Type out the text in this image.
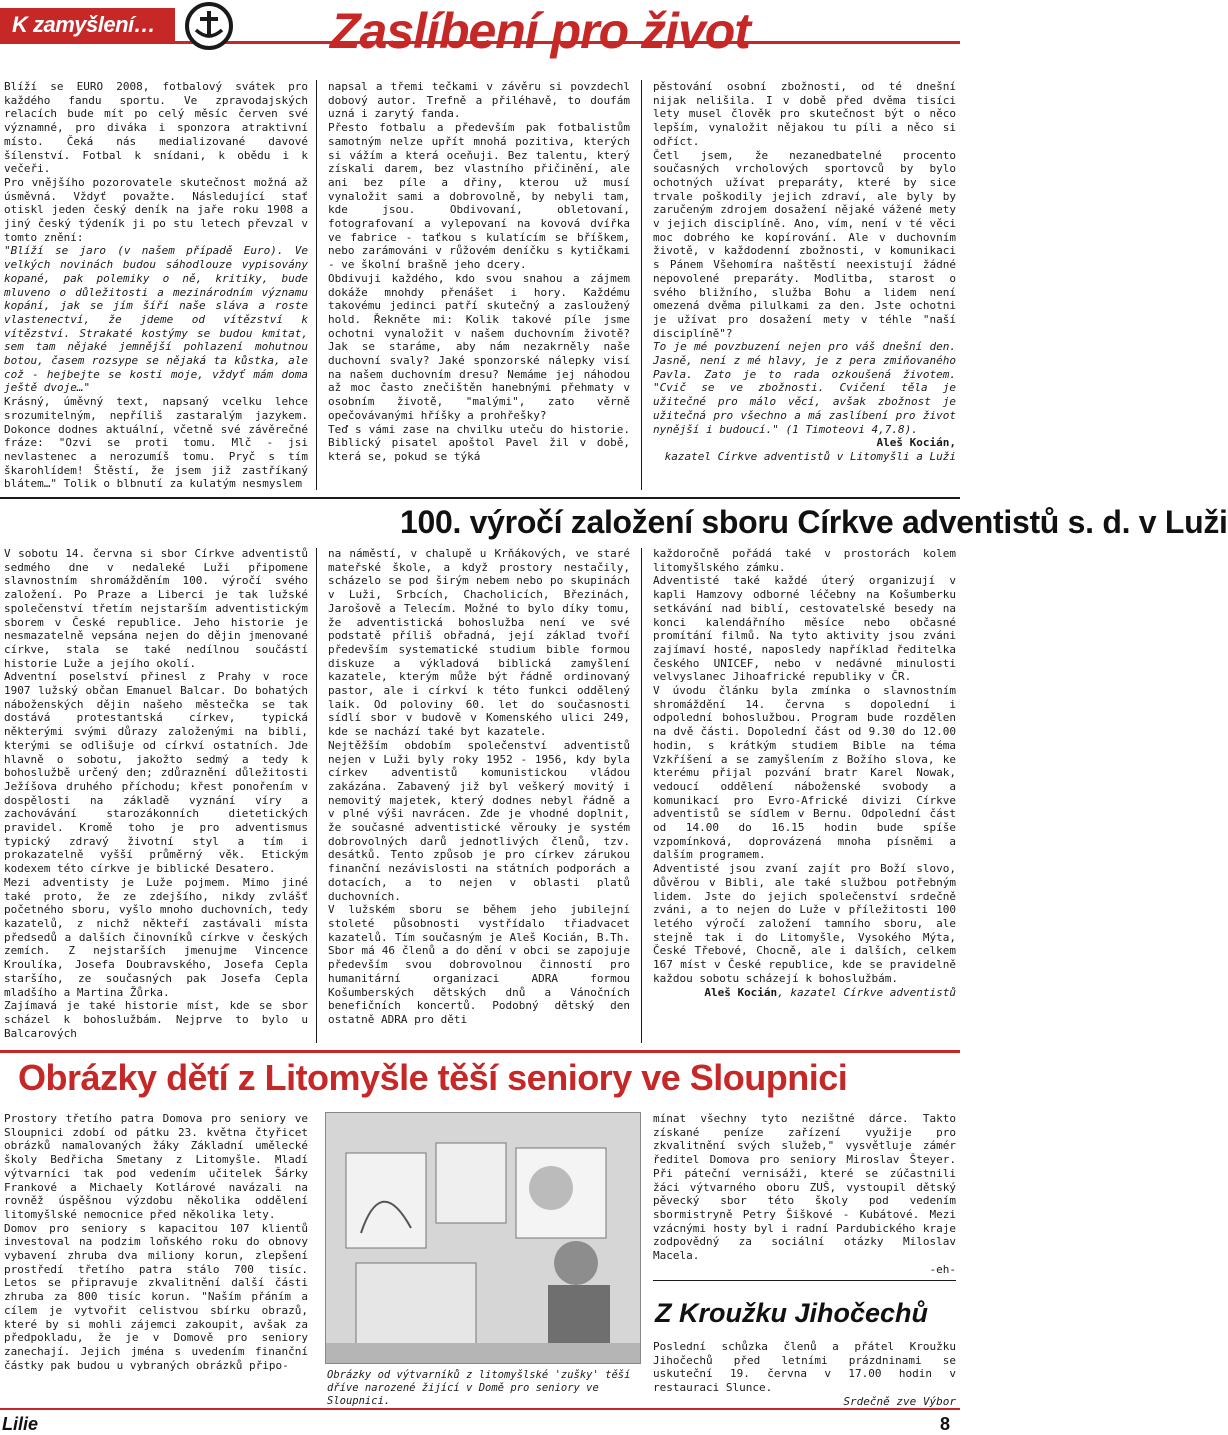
K zamyšlení…	Zaslíbení pro život

Blíží se EURO 2008, fotbalový svátek pro každého fandu sportu. Ve zpravodajských relacích bude mít po celý měsíc červen své významné, pro diváka i sponzora atraktivní místo. Čeká nás medializované davové šílenství. Fotbal k snídani, k obědu i k večeři.

Pro vnějšího pozorovatele skutečnost možná až úsměvná. Vždyť považte. Následující stať otiskl jeden český deník na jaře roku 1908 a jiný český týdeník ji po stu letech převzal v tomto znění:

"Blíží se jaro (v našem případě Euro). Ve velkých novinách budou sáhodlouze vypisovány kopané, pak polemiky o ně, kritiky, bude mluveno o důležitosti a mezinárodním významu kopání, jak se jím šíří naše sláva a roste vlastenectví, že jdeme od vítězství k vítězství. Strakaté kostýmy se budou kmitat, sem tam nějaké jemnější pohlazení mohutnou botou, časem rozsype se nějaká ta kůstka, ale což - hejbejte se kosti moje, vždyť mám doma ještě dvoje…"

Krásný, úměvný text, napsaný vcelku lehce srozumitelným, nepříliš zastaralým jazykem. Dokonce dodnes aktuální, včetně své závěrečné fráze: "Ozvi se proti tomu. Mlč - jsi nevlastenec a nerozumíš tomu. Pryč s tím škarohlídem! Štěstí, že jsem již zastříkaný blátem…" Tolik o blbnutí za kulatým nesmyslem

napsal a třemi tečkami v závěru si povzdechl dobový autor. Trefně a přiléhavě, to doufám uzná i zarytý fanda.

Přesto fotbalu a především pak fotbalistům samotným nelze upřít mnohá pozitiva, kterých si vážím a která oceňuji. Bez talentu, který získali darem, bez vlastního přičinění, ale ani bez píle a dřiny, kterou už musí vynaložit sami a dobrovolně, by nebyli tam, kde jsou. Obdivovaní, obletovaní, fotografovaní a vylepovaní na kovová dvířka ve fabrice - taťkou s kulatícím se bříškem, nebo zarámováni v růžovém deníčku s kytičkami - ve školní brašně jeho dcery.

Obdivuji každého, kdo svou snahou a zájmem dokáže mnohdy přenášet i hory. Každému takovému jedinci patří skutečný a zasloužený hold. Řekněte mi: Kolik takové píle jsme ochotni vynaložit v našem duchovním životě? Jak se staráme, aby nám nezakrněly naše duchovní svaly? Jaké sponzorské nálepky visí na našem duchovním dresu? Nemáme jej náhodou až moc často znečištěn hanebnými přehmaty v osobním životě, "malými", zato věrně opečovávanými hříšky a prohřešky?

Teď s vámi zase na chvilku uteču do historie. Biblický pisatel apoštol Pavel žil v době, která se, pokud se týká

pěstování osobní zbožnosti, od té dnešní nijak nelišila. I v době před dvěma tisíci lety musel člověk pro skutečnost být o něco lepším, vynaložit nějakou tu píli a něco si odříct.

Četl jsem, že nezanedbatelné procento současných vrcholových sportovců by bylo ochotných užívat preparáty, které by sice trvale poškodily jejich zdraví, ale byly by zaručeným zdrojem dosažení nějaké vážené mety v jejich disciplíně. Ano, vím, není v té věci moc dobrého ke kopírování. Ale v duchovním životě, v každodenní zbožnosti, v komunikaci s Pánem Všehomíra naštěstí neexistují žádné nepovolené preparáty. Modlitba, starost o svého bližního, služba Bohu a lidem není omezená dvěma pilulkami za den. Jste ochotni je užívat pro dosažení mety v téhle "naší disciplíně"?

To je mé povzbuzení nejen pro váš dnešní den. Jasně, není z mé hlavy, je z pera zmiňovaného Pavla. Zato je to rada ozkoušená životem. "Cvič se ve zbožnosti. Cvičení těla je užitečné pro málo věcí, avšak zbožnost je užitečná pro všechno a má zaslíbení pro život nynější i budoucí." (1 Timoteovi 4,7.8).

Aleš Kocián,

kazatel Církve adventistů v Litomyšli a Luži

100. výročí založení sboru Církve adventistů s. d. v Luži

V sobotu 14. června si sbor Církve adventistů sedmého dne v nedaleké Luži připomene slavnostním shromážděním 100. výročí svého založení. Po Praze a Liberci je tak lužské společenství třetím nejstarším adventistickým sborem v České republice. Jeho historie je nesmazatelně vepsána nejen do dějin jmenované církve, stala se také nedílnou součástí historie Luže a jejího okolí.

Adventní poselství přinesl z Prahy v roce 1907 lužský občan Emanuel Balcar. Do bohatých náboženských dějin našeho městečka se tak dostává protestantská církev, typická některými svými důrazy založenými na bibli, kterými se odlišuje od církví ostatních. Jde hlavně o sobotu, jakožto sedmý a tedy k bohoslužbě určený den; zdůraznění důležitosti Ježíšova druhého příchodu; křest ponořením v dospělosti na základě vyznání víry a zachovávání starozákonních dietetických pravidel. Kromě toho je pro adventismus typický zdravý životní styl a tím i prokazatelně vyšší průměrný věk. Etickým kodexem této církve je biblické Desatero.

Mezi adventisty je Luže pojmem. Mimo jiné také proto, že ze zdejšího, nikdy zvlášť početného sboru, vyšlo mnoho duchovních, tedy kazatelů, z nichž někteří zastávali místa předsedů a dalších činovníků církve v českých zemích. Z nejstarších jmenujme Vincence Kroulíka, Josefa Doubravského, Josefa Cepla staršího, ze současných pak Josefa Cepla mladšího a Martina Žůrka.

Zajímavá je také historie míst, kde se sbor scházel k bohoslužbám. Nejprve to bylo u Balcarových

na náměstí, v chalupě u Krňákových, ve staré mateřské škole, a když prostory nestačily, scházelo se pod širým nebem nebo po skupinách v Luži, Srbcích, Chacholicích, Březinách, Jarošově a Telecím. Možné to bylo díky tomu, že adventistická bohoslužba není ve své podstatě příliš obřadná, její základ tvoří především systematické studium bible formou diskuze a výkladová biblická zamyšlení kazatele, kterým může být řádně ordinovaný pastor, ale i církví k této funkci oddělený laik. Od poloviny 60. let do současnosti sídlí sbor v budově v Komenského ulici 249, kde se nachází také byt kazatele.

Nejtěžším obdobím společenství adventistů nejen v Luži byly roky 1952 - 1956, kdy byla církev adventistů komunistickou vládou zakázána. Zabavený již byl veškerý movitý i nemovitý majetek, který dodnes nebyl řádně a v plné výši navrácen. Zde je vhodné doplnit, že současné adventistické věrouky je systém dobrovolných darů jednotlivých členů, tzv. desátků. Tento způsob je pro církev zárukou finanční nezávislosti na státních podporách a dotacích, a to nejen v oblasti platů duchovních.

V lužském sboru se během jeho jubilejní stoleté působnosti vystřídalo třiadvacet kazatelů. Tím současným je Aleš Kocián, B.Th. Sbor má 46 členů a do dění v obci se zapojuje především svou dobrovolnou činností pro humanitární organizaci ADRA formou Košumberských dětských dnů a Vánočních benefičních koncertů. Podobný dětský den ostatně ADRA pro děti

každoročně pořádá také v prostorách kolem litomyšlského zámku.

Adventisté také každé úterý organizují v kapli Hamzovy odborné léčebny na Košumberku setkávání nad biblí, cestovatelské besedy na konci kalendářního měsíce nebo občasné promítání filmů. Na tyto aktivity jsou zváni zajímaví hosté, naposledy například ředitelka českého UNICEF, nebo v nedávné minulosti velvyslanec Jihoafrické republiky v ČR.

V úvodu článku byla zmínka o slavnostním shromáždění 14. června s dopolední i odpolední bohoslužbou. Program bude rozdělen na dvě části. Dopolední část od 9.30 do 12.00 hodin, s krátkým studiem Bible na téma Vzkříšení a se zamyšlením z Božího slova, ke kterému přijal pozvání bratr Karel Nowak, vedoucí oddělení náboženské svobody a komunikací pro Evro-Africké divizi Církve adventistů se sídlem v Bernu. Odpolední část od 14.00 do 16.15 hodin bude spíše vzpomínková, doprovázená mnoha písněmi a dalším programem.

Adventisté jsou zvaní zajít pro Boží slovo, důvěrou v Bibli, ale také službou potřebným lidem. Jste do jejich společenství srdečně zváni, a to nejen do Luže v příležitosti 100 letého výročí založení tamního sboru, ale stejně tak i do Litomyšle, Vysokého Mýta, České Třebové, Chocně, ale i dalších, celkem 167 míst v České republice, kde se pravidelně každou sobotu scházejí k bohoslužbám.

Aleš Kocián, kazatel Církve adventistů

Obrázky dětí z Litomyšle těší seniory ve Sloupnici

Prostory třetího patra Domova pro seniory ve Sloupnici zdobí od pátku 23. května čtyřicet obrázků namalovaných žáky Základní umělecké školy Bedřicha Smetany z Litomyšle. Mladí výtvarníci tak pod vedením učitelek Šárky Frankové a Michaely Kotlárové navázali na rovněž úspěšnou výzdobu několika oddělení litomyšlské nemocnice před několika lety.

Domov pro seniory s kapacitou 107 klientů investoval na podzim loňského roku do obnovy vybavení zhruba dva miliony korun, zlepšení prostředí třetího patra stálo 700 tisíc. Letos se připravuje zkvalitnění další části zhruba za 800 tisíc korun. "Naším přáním a cílem je vytvořit celistvou sbírku obrazů, které by si mohli zájemci zakoupit, avšak za předpokladu, že je v Domově pro seniory zanechají. Jejich jména s uvedením finanční částky pak budou u vybraných obrázků připo-

Obrázky od výtvarníků z litomyšlské 'zušky' těší dříve narozené žijící v Domě pro seniory ve Sloupnici.

mínat všechny tyto nezištné dárce. Takto získané peníze zařízení využije pro zkvalitnění svých služeb," vysvětluje zámér ředitel Domova pro seniory Miroslav Šteyer. Při páteční vernisáži, které se zúčastnili žáci výtvarného oboru ZUŠ, vystoupil dětský pěvecký sbor této školy pod vedením sbormistryně Petry Šiškové - Kubátové. Mezi vzácnými hosty byl i radní Pardubického kraje zodpovědný za sociální otázky Miloslav Macela.

-eh-

Z Kroužku Jihočechů

Poslední schůzka členů a přátel Kroužku Jihočechů před letními prázdninami se uskuteční 19. června v 17.00 hodin v restauraci Slunce.

Srdečně zve Výbor

Lilie	8
